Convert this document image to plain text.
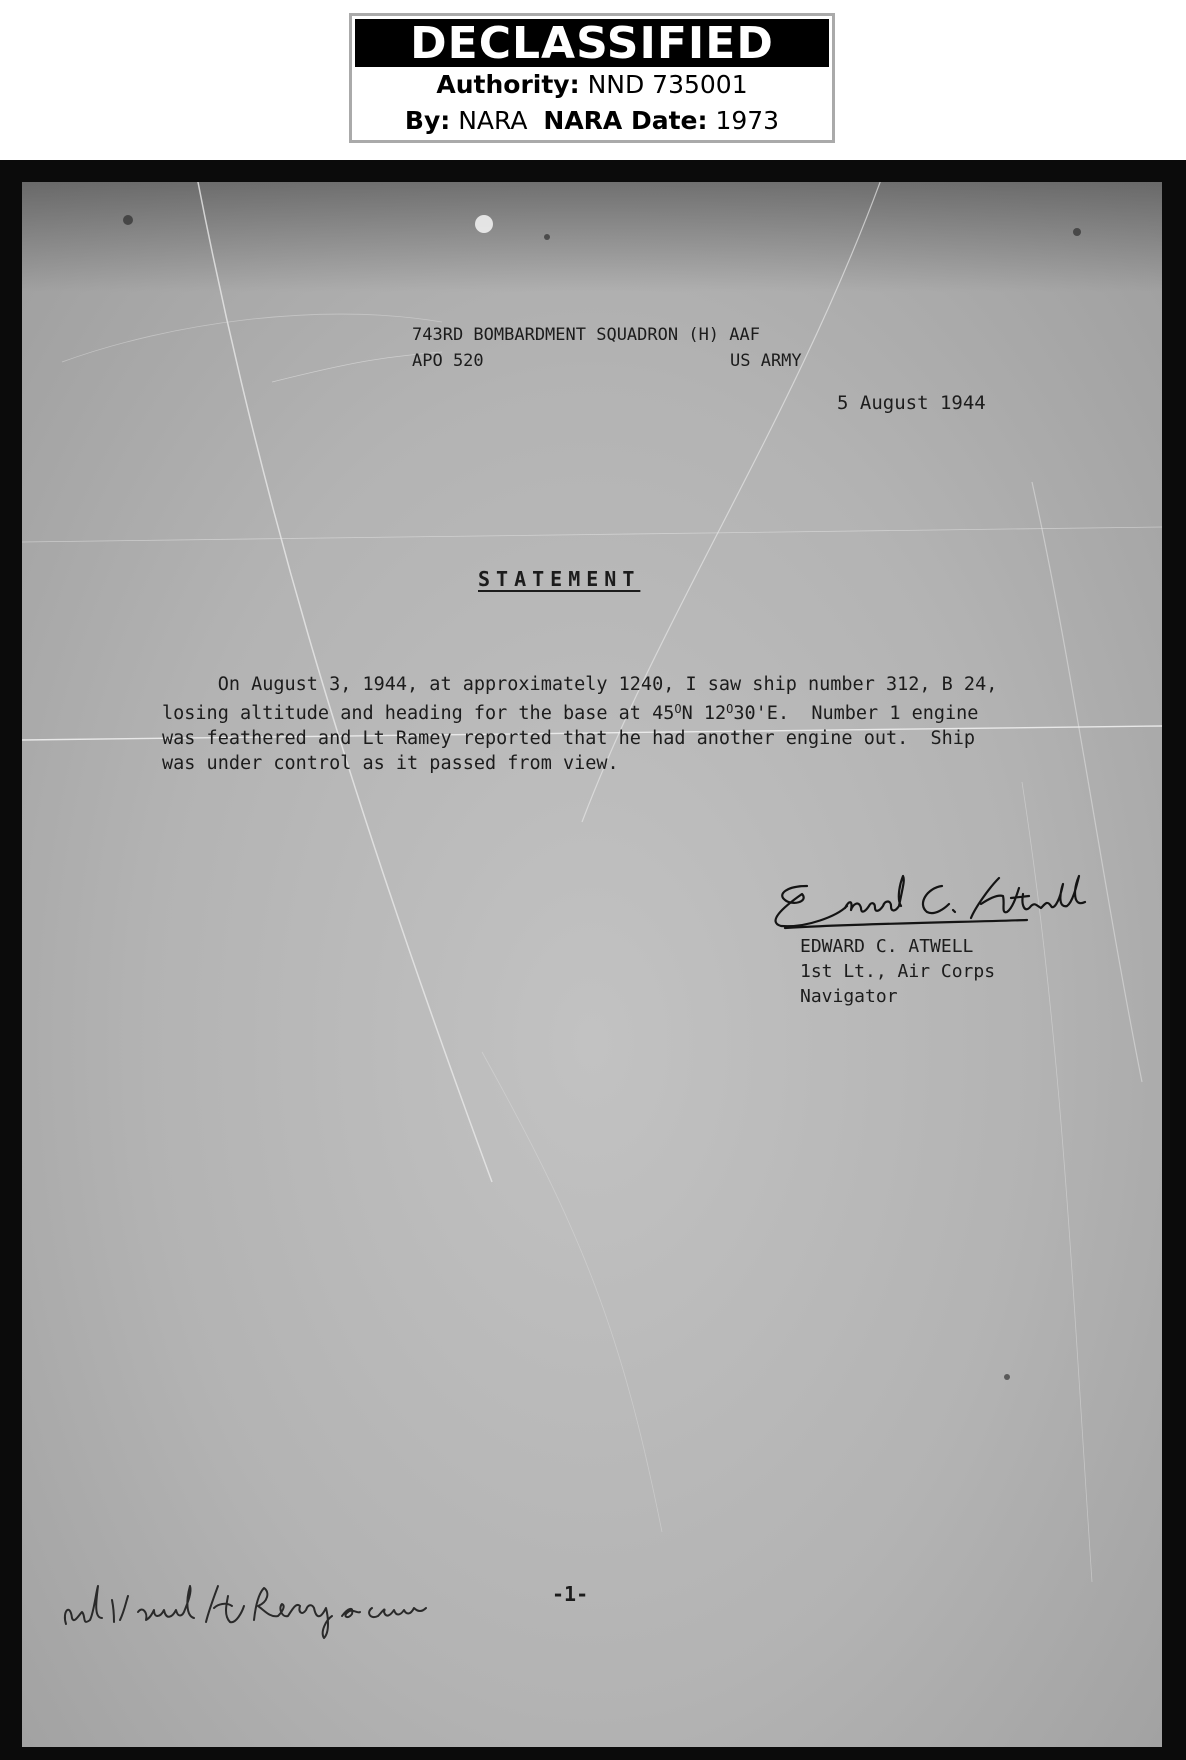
DECLASSIFIED
Authority: NND 735001
By: NARA NARA Date: 1973
743RD BOMBARDMENT SQUADRON (H) AAF
APO 520	US ARMY
5 August 1944
STATEMENT
On August 3, 1944, at approximately 1240, I saw ship number 312, B 24,
losing altitude and heading for the base at $45^ON$ $12^O30'E$.  Number 1 engine
was feathered and Lt Ramey reported that he had another engine out.  Ship
was under control as it passed from view.
EDWARD C. ATWELL
1st Lt., Air Corps
Navigator
-1-
